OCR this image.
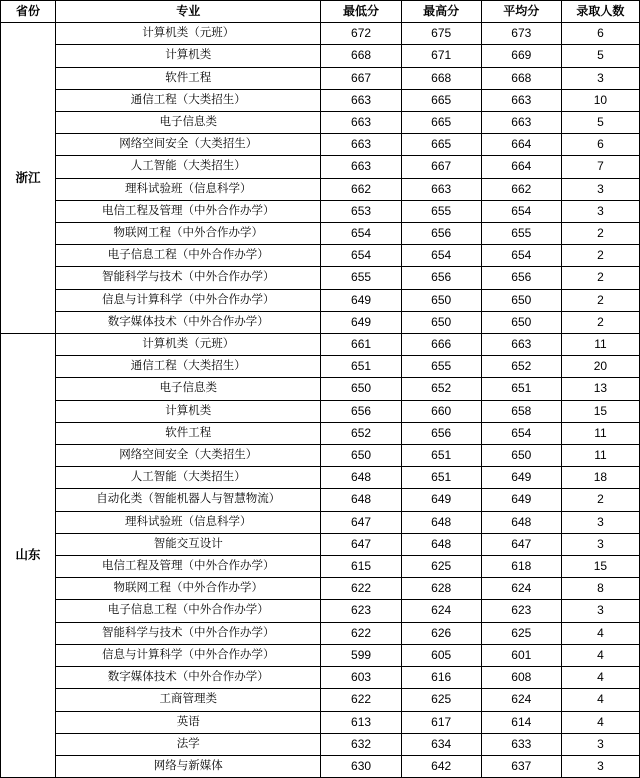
省份	专业	最低分	最高分	平均分	录取人数
浙江	计算机类（元班）	672	675	673	6
	计算机类	668	671	669	5
	软件工程	667	668	668	3
	通信工程（大类招生）	663	665	663	10
	电子信息类	663	665	663	5
	网络空间安全（大类招生）	663	665	664	6
	人工智能（大类招生）	663	667	664	7
	理科试验班（信息科学）	662	663	662	3
	电信工程及管理（中外合作办学）	653	655	654	3
	物联网工程（中外合作办学）	654	656	655	2
	电子信息工程（中外合作办学）	654	654	654	2
	智能科学与技术（中外合作办学）	655	656	656	2
	信息与计算科学（中外合作办学）	649	650	650	2
	数字媒体技术（中外合作办学）	649	650	650	2
山东	计算机类（元班）	661	666	663	11
	通信工程（大类招生）	651	655	652	20
	电子信息类	650	652	651	13
	计算机类	656	660	658	15
	软件工程	652	656	654	11
	网络空间安全（大类招生）	650	651	650	11
	人工智能（大类招生）	648	651	649	18
	自动化类（智能机器人与智慧物流）	648	649	649	2
	理科试验班（信息科学）	647	648	648	3
	智能交互设计	647	648	647	3
	电信工程及管理（中外合作办学）	615	625	618	15
	物联网工程（中外合作办学）	622	628	624	8
	电子信息工程（中外合作办学）	623	624	623	3
	智能科学与技术（中外合作办学）	622	626	625	4
	信息与计算科学（中外合作办学）	599	605	601	4
	数字媒体技术（中外合作办学）	603	616	608	4
	工商管理类	622	625	624	4
	英语	613	617	614	4
	法学	632	634	633	3
	网络与新媒体	630	642	637	3
